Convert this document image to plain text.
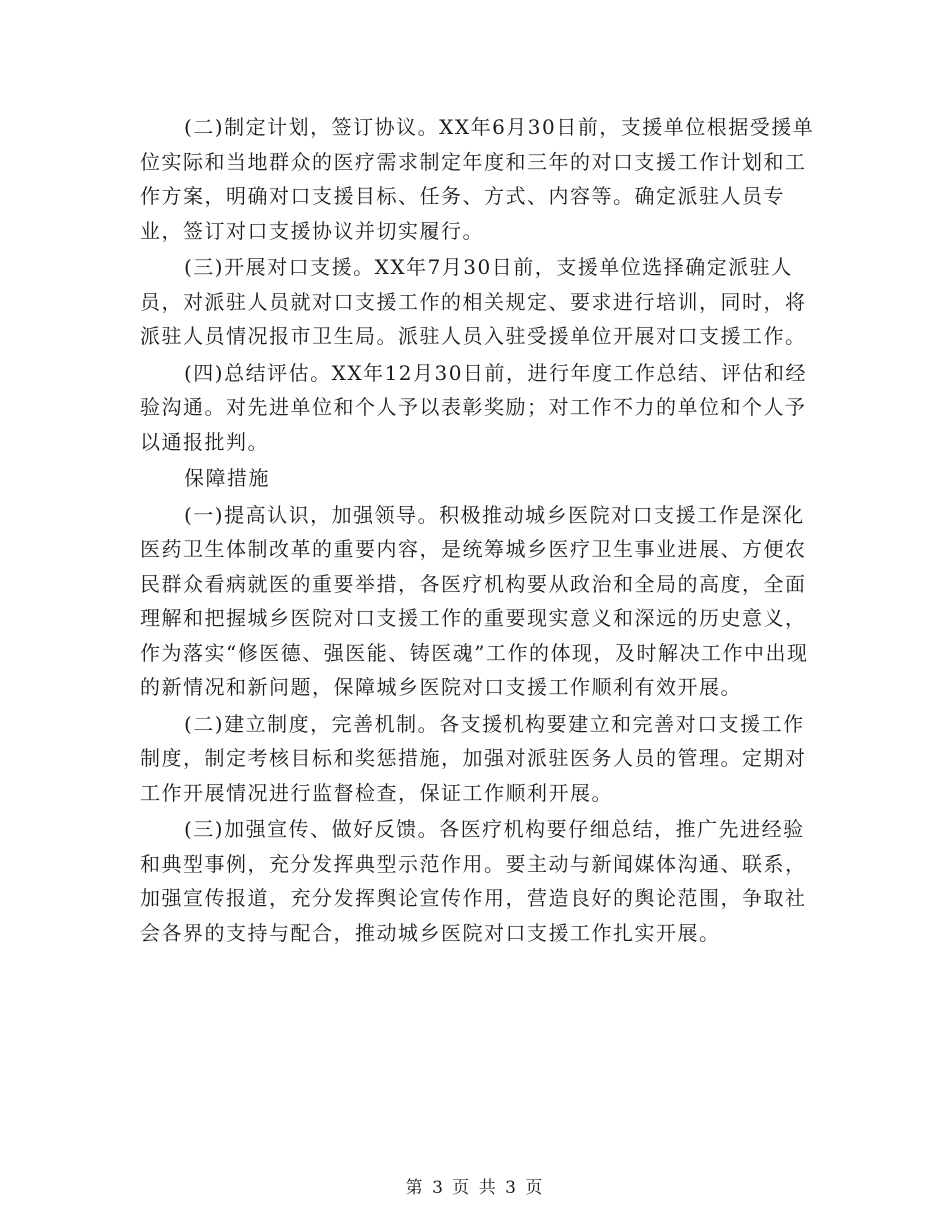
(二)制定计划，签订协议。XX年6月30日前，支援单位根据受援单位实际和当地群众的医疗需求制定年度和三年的对口支援工作计划和工作方案，明确对口支援目标、任务、方式、内容等。确定派驻人员专业，签订对口支援协议并切实履行。

(三)开展对口支援。XX年7月30日前，支援单位选择确定派驻人员，对派驻人员就对口支援工作的相关规定、要求进行培训，同时，将派驻人员情况报市卫生局。派驻人员入驻受援单位开展对口支援工作。

(四)总结评估。XX年12月30日前，进行年度工作总结、评估和经验沟通。对先进单位和个人予以表彰奖励；对工作不力的单位和个人予以通报批判。

保障措施

(一)提高认识，加强领导。积极推动城乡医院对口支援工作是深化医药卫生体制改革的重要内容，是统筹城乡医疗卫生事业进展、方便农民群众看病就医的重要举措，各医疗机构要从政治和全局的高度，全面理解和把握城乡医院对口支援工作的重要现实意义和深远的历史意义，作为落实“修医德、强医能、铸医魂”工作的体现，及时解决工作中出现的新情况和新问题，保障城乡医院对口支援工作顺利有效开展。

(二)建立制度，完善机制。各支援机构要建立和完善对口支援工作制度，制定考核目标和奖惩措施，加强对派驻医务人员的管理。定期对工作开展情况进行监督检查，保证工作顺利开展。

(三)加强宣传、做好反馈。各医疗机构要仔细总结，推广先进经验和典型事例，充分发挥典型示范作用。要主动与新闻媒体沟通、联系，加强宣传报道，充分发挥舆论宣传作用，营造良好的舆论范围，争取社会各界的支持与配合，推动城乡医院对口支援工作扎实开展。

第 3 页 共 3 页
